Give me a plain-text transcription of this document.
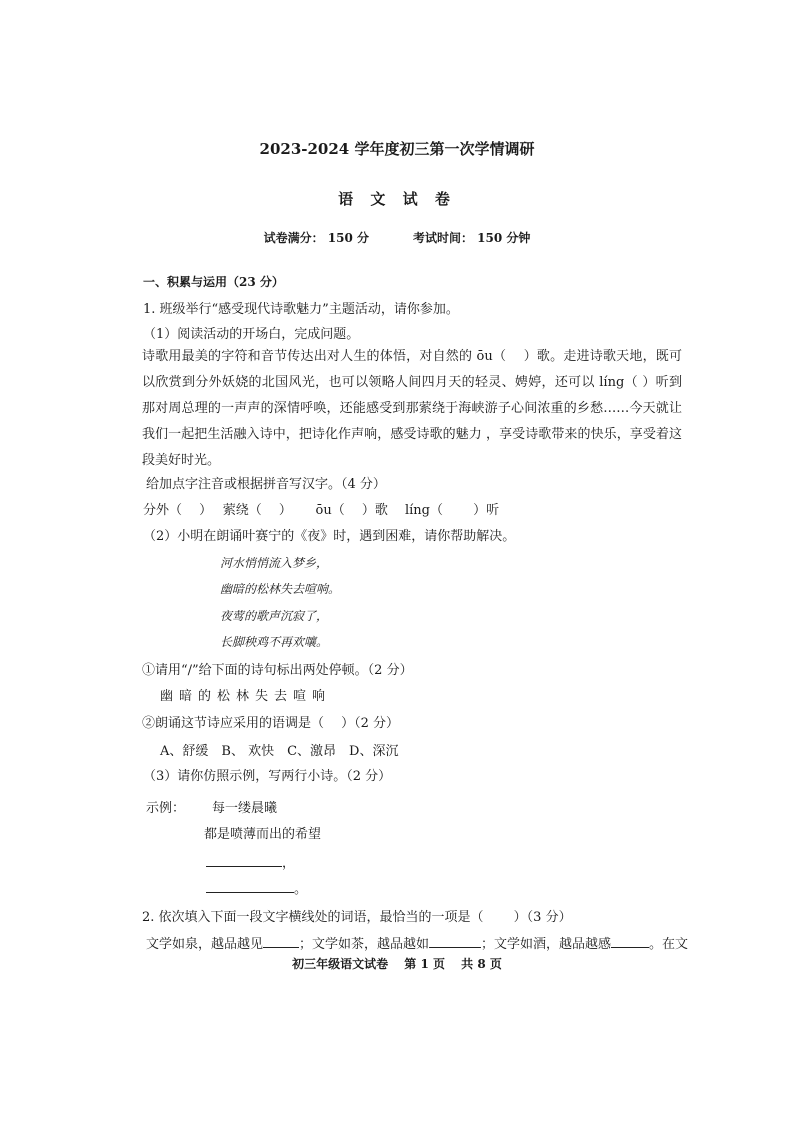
2023-2024 学年度初三第一次学情调研
语 文 试 卷
试卷满分： 150 分	考试时间： 150 分钟
一、积累与运用（23 分）
1. 班级举行“感受现代诗歌魅力”主题活动，请你参加。
（1）阅读活动的开场白，完成问题。
诗歌用最美的字符和音节传达出对人生的体悟，对自然的 ōu（　 ）歌。走进诗歌天地，既可以欣赏到分外妖娆的北国风光，也可以领略人间四月天的轻灵、娉婷，还可以 líng（ ）听到那对周总理的一声声的深情呼唤，还能感受到那萦绕于海峡游子心间浓重的乡愁……今天就让我们一起把生活融入诗中，把诗化作声响，感受诗歌的魅力 ，享受诗歌带来的快乐，享受着这段美好时光。
给加点字注音或根据拼音写汉字。（4 分）
分外（　 ）　 萦绕（　 ）　　 ōu（　 ）歌　 líng（　　 ）听
（2）小明在朗诵叶赛宁的《夜》时，遇到困难，请你帮助解决。
河水悄悄流入梦乡，
幽暗的松林失去喧响。
夜莺的歌声沉寂了，
长脚秧鸡不再欢嚷。
①请用“/”给下面的诗句标出两处停顿。（2 分）
幽暗的松林失去喧响
②朗诵这节诗应采用的语调是（　 ）（2 分）
A、舒缓　B、 欢快　C、激昂　D、深沉
（3）请你仿照示例，写两行小诗。（2 分）
示例： 每一缕晨曦
都是喷薄而出的希望
，
。
2. 依次填入下面一段文字横线处的词语，最恰当的一项是（　　 ）（3 分）
文学如泉，越品越见	；文学如茶，越品越如	；文学如酒，越品越感	。在文
初三年级语文试卷　 第 1 页　 共 8 页
